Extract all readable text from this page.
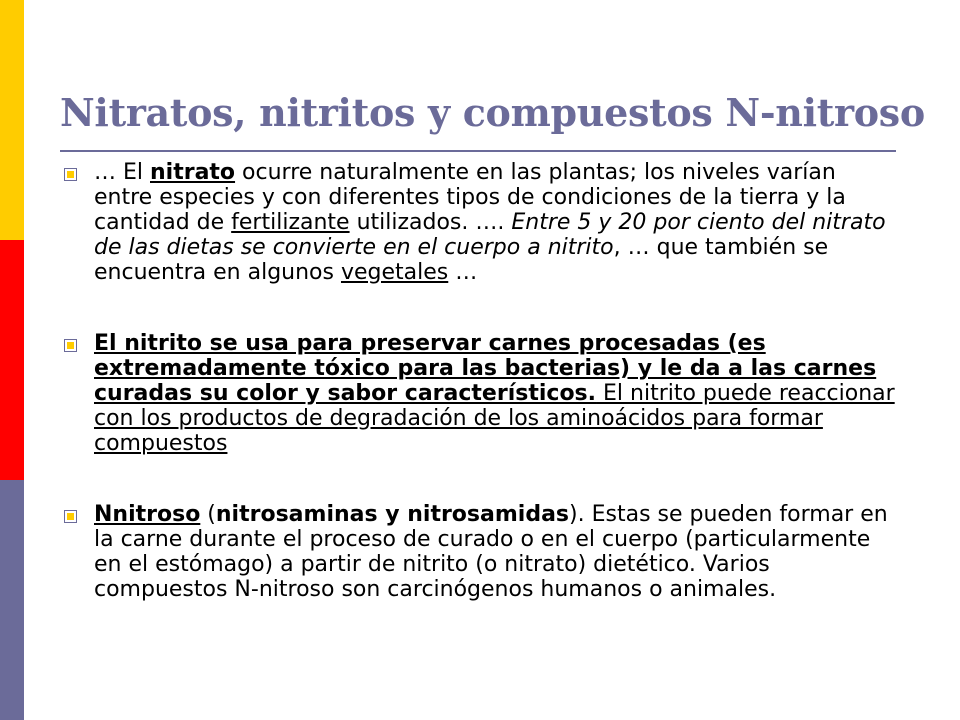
Nitratos, nitritos y compuestos N-nitroso
… El nitrato ocurre naturalmente en las plantas; los niveles varían entre especies y con diferentes tipos de condiciones de la tierra y la cantidad de fertilizante utilizados. …. Entre 5 y 20 por ciento del nitrato de las dietas se convierte en el cuerpo a nitrito, … que también se encuentra en algunos vegetales …
El nitrito se usa para preservar carnes procesadas (es extremadamente tóxico para las bacterias) y le da a las carnes curadas su color y sabor característicos. El nitrito puede reaccionar con los productos de degradación de los aminoácidos para formar compuestos
Nnitroso (nitrosaminas y nitrosamidas). Estas se pueden formar en la carne durante el proceso de curado o en el cuerpo (particularmente en el estómago) a partir de nitrito (o nitrato) dietético. Varios compuestos N-nitroso son carcinógenos humanos o animales.
